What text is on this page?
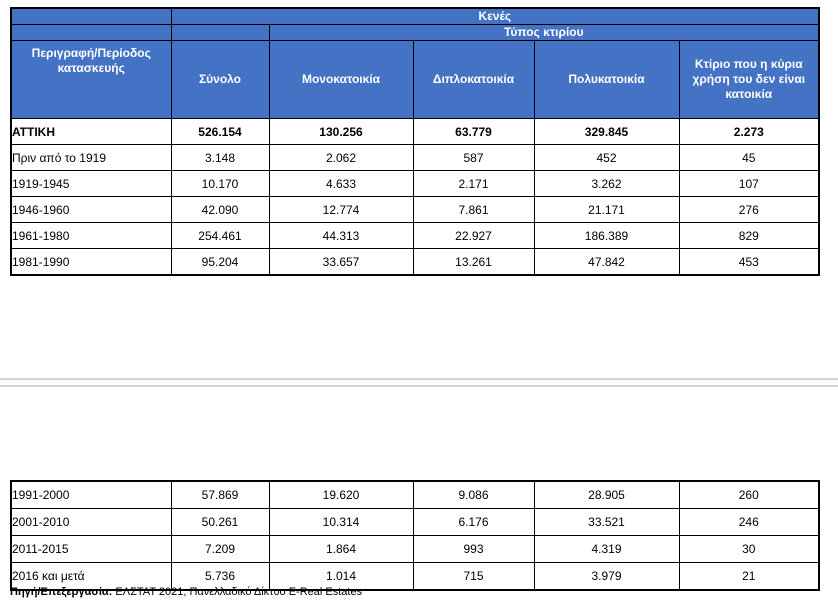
	Κενές				
		Τύπος κτιρίου			
Περιγραφή/Περίοδος κατασκευής	Σύνολο	Μονοκατοικία	Διπλοκατοικία	Πολυκατοικία	Κτίριο που η κύρια χρήση του δεν είναι κατοικία
ΑΤΤΙΚΗ	526.154	130.256	63.779	329.845	2.273
Πριν από το 1919	3.148	2.062	587	452	45
1919-1945	10.170	4.633	2.171	3.262	107
1946-1960	42.090	12.774	7.861	21.171	276
1961-1980	254.461	44.313	22.927	186.389	829
1981-1990	95.204	33.657	13.261	47.842	453
1991-2000	57.869	19.620	9.086	28.905	260
2001-2010	50.261	10.314	6.176	33.521	246
2011-2015	7.209	1.864	993	4.319	30
2016 και μετά	5.736	1.014	715	3.979	21

Πηγή/Επεξεργασία: ΕΛΣΤΑΤ 2021, Πανελλαδικό Δίκτυο E-Real Estates
